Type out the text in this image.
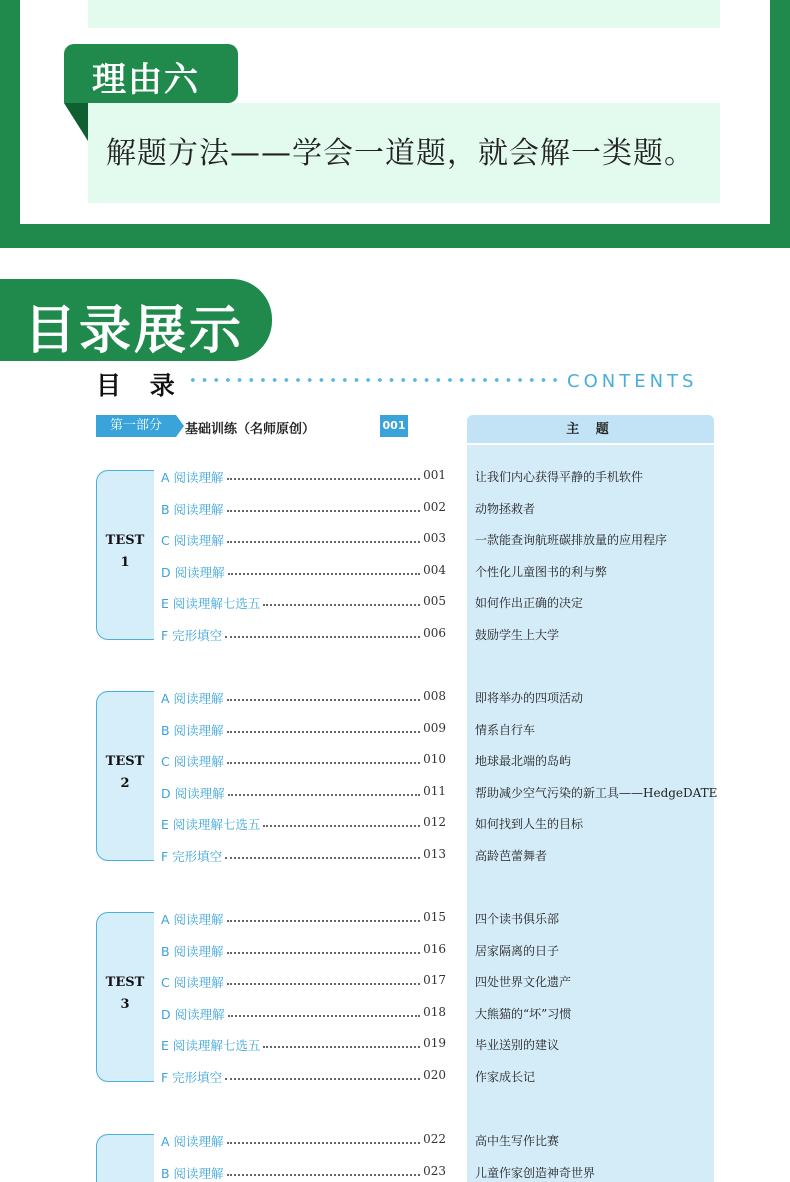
理由六
解题方法——学会一道题，就会解一类题。
目录展示
目 录	CONTENTS
第一部分	基础训练（名师原创）	001	主 题
TEST
1
A 阅读理解	001 让我们内心获得平静的手机软件
B 阅读理解	002 动物拯救者
C 阅读理解	003 一款能查询航班碳排放量的应用程序
D 阅读理解	004 个性化儿童图书的利与弊
E 阅读理解七选五	005 如何作出正确的决定
F 完形填空	006 鼓励学生上大学
TEST
2
A 阅读理解	008 即将举办的四项活动
B 阅读理解	009 情系自行车
C 阅读理解	010 地球最北端的岛屿
D 阅读理解	011 帮助减少空气污染的新工具——HedgeDATE
E 阅读理解七选五	012 如何找到人生的目标
F 完形填空	013 高龄芭蕾舞者
TEST
3
A 阅读理解	015 四个读书俱乐部
B 阅读理解	016 居家隔离的日子
C 阅读理解	017 四处世界文化遗产
D 阅读理解	018 大熊猫的“坏”习惯
E 阅读理解七选五	019 毕业送别的建议
F 完形填空	020 作家成长记
A 阅读理解	022 高中生写作比赛
B 阅读理解	023 儿童作家创造神奇世界
